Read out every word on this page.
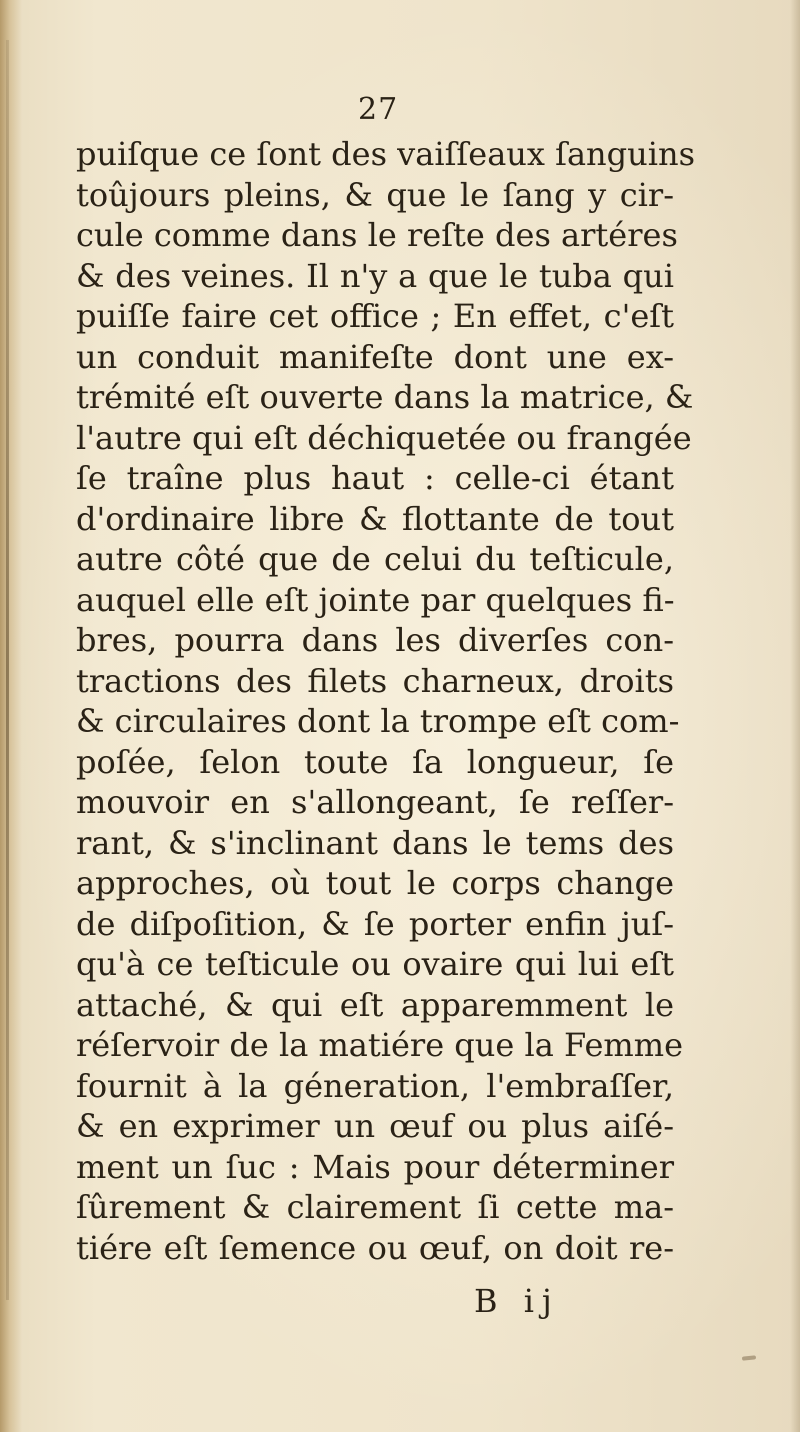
27
puiſque ce ſont des vaiſſeaux ſanguins
toûjours pleins, & que le ſang y cir-
cule comme dans le reſte des artéres
& des veines. Il n'y a que le tuba qui
puiſſe faire cet office ; En effet, c'eſt
un conduit manifeſte dont une ex-
trémité eſt ouverte dans la matrice, &
l'autre qui eſt déchiquetée ou frangée
ſe traîne plus haut : celle-ci étant
d'ordinaire libre & flottante de tout
autre côté que de celui du teſticule,
auquel elle eſt jointe par quelques fi-
bres, pourra dans les diverſes con-
tractions des filets charneux, droits
& circulaires dont la trompe eſt com-
poſée, ſelon toute ſa longueur, ſe
mouvoir en s'allongeant, ſe reſſer-
rant, & s'inclinant dans le tems des
approches, où tout le corps change
de diſpoſition, & ſe porter enfin juſ-
qu'à ce teſticule ou ovaire qui lui eſt
attaché, & qui eſt apparemment le
réſervoir de la matiére que la Femme
fournit à la géneration, l'embraſſer,
& en exprimer un œuf ou plus aiſé-
ment un ſuc : Mais pour déterminer
ſûrement & clairement ſi cette ma-
tiére eſt ſemence ou œuf, on doit re-
B ij
